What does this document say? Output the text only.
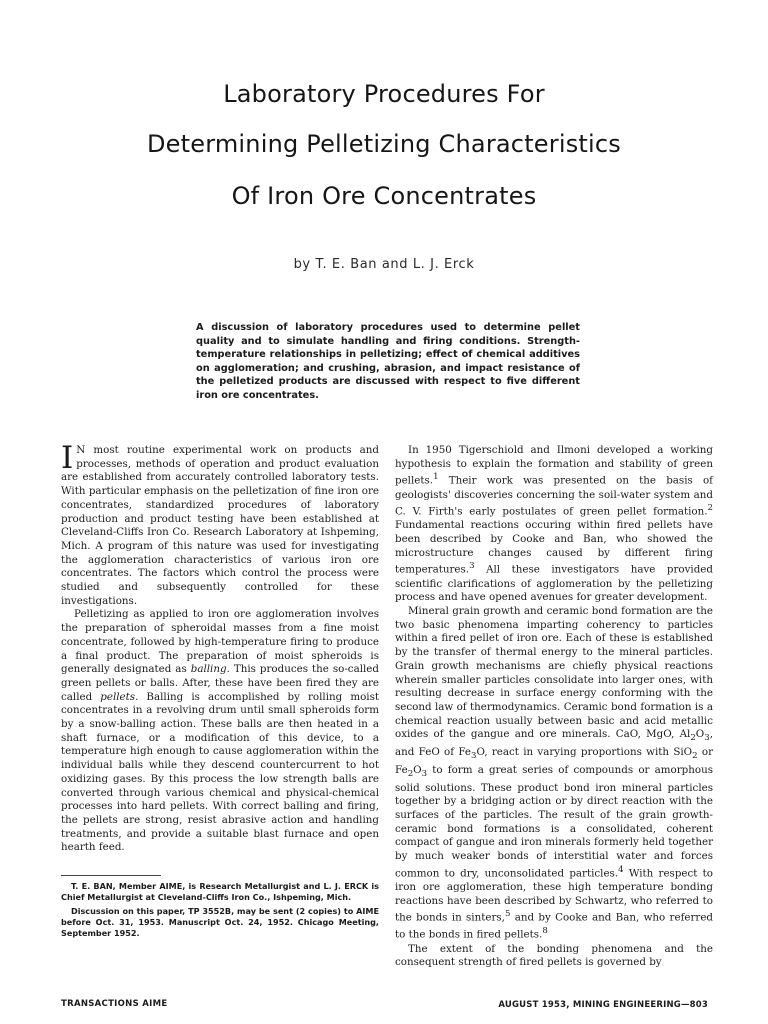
Laboratory Procedures For
Determining Pelletizing Characteristics
Of Iron Ore Concentrates
by T. E. Ban and L. J. Erck

A discussion of laboratory procedures used to determine pellet quality and to simulate handling and firing conditions. Strength-temperature relationships in pelletizing; effect of chemical additives on agglomeration; and crushing, abrasion, and impact resistance of the pelletized products are discussed with respect to five different iron ore concentrates.

I N most routine experimental work on products and processes, methods of operation and product evaluation are established from accurately controlled laboratory tests. With particular emphasis on the pelletization of fine iron ore concentrates, standardized procedures of laboratory production and product testing have been established at Cleveland-Cliffs Iron Co. Research Laboratory at Ishpeming, Mich. A program of this nature was used for investigating the agglomeration characteristics of various iron ore concentrates. The factors which control the process were studied and subsequently controlled for these investigations.

Pelletizing as applied to iron ore agglomeration involves the preparation of spheroidal masses from a fine moist concentrate, followed by high-temperature firing to produce a final product. The preparation of moist spheroids is generally designated as balling. This produces the so-called green pellets or balls. After, these have been fired they are called pellets. Balling is accomplished by rolling moist concentrates in a revolving drum until small spheroids form by a snow-balling action. These balls are then heated in a shaft furnace, or a modification of this device, to a temperature high enough to cause agglomeration within the individual balls while they descend countercurrent to hot oxidizing gases. By this process the low strength balls are converted through various chemical and physical-chemical processes into hard pellets. With correct balling and firing, the pellets are strong, resist abrasive action and handling treatments, and provide a suitable blast furnace and open hearth feed.

T. E. BAN, Member AIME, is Research Metallurgist and L. J. ERCK is Chief Metallurgist at Cleveland-Cliffs Iron Co., Ishpeming, Mich.

Discussion on this paper, TP 3552B, may be sent (2 copies) to AIME before Oct. 31, 1953. Manuscript Oct. 24, 1952. Chicago Meeting, September 1952.

In 1950 Tigerschiold and Ilmoni developed a working hypothesis to explain the formation and stability of green pellets.$^1$ Their work was presented on the basis of geologists' discoveries concerning the soil-water system and C. V. Firth's early postulates of green pellet formation.$^2$ Fundamental reactions occuring within fired pellets have been described by Cooke and Ban, who showed the microstructure changes caused by different firing temperatures.$^3$ All these investigators have provided scientific clarifications of agglomeration by the pelletizing process and have opened avenues for greater development.

Mineral grain growth and ceramic bond formation are the two basic phenomena imparting coherency to particles within a fired pellet of iron ore. Each of these is established by the transfer of thermal energy to the mineral particles. Grain growth mechanisms are chiefly physical reactions wherein smaller particles consolidate into larger ones, with resulting decrease in surface energy conforming with the second law of thermodynamics. Ceramic bond formation is a chemical reaction usually between basic and acid metallic oxides of the gangue and ore minerals. CaO, MgO, $Al_2O_3$, and FeO of $Fe_3O$, react in varying proportions with SiO$_2$ or $Fe_2O_3$ to form a great series of compounds or amorphous solid solutions. These product bond iron mineral particles together by a bridging action or by direct reaction with the surfaces of the particles. The result of the grain growth-ceramic bond formations is a consolidated, coherent compact of gangue and iron minerals formerly held together by much weaker bonds of interstitial water and forces common to dry, unconsolidated particles.$^4$ With respect to iron ore agglomeration, these high temperature bonding reactions have been described by Schwartz, who referred to the bonds in sinters,$^5$ and by Cooke and Ban, who referred to the bonds in fired pellets.$^8$

The extent of the bonding phenomena and the consequent strength of fired pellets is governed by

TRANSACTIONS AIME	AUGUST 1953, MINING ENGINEERING—803
